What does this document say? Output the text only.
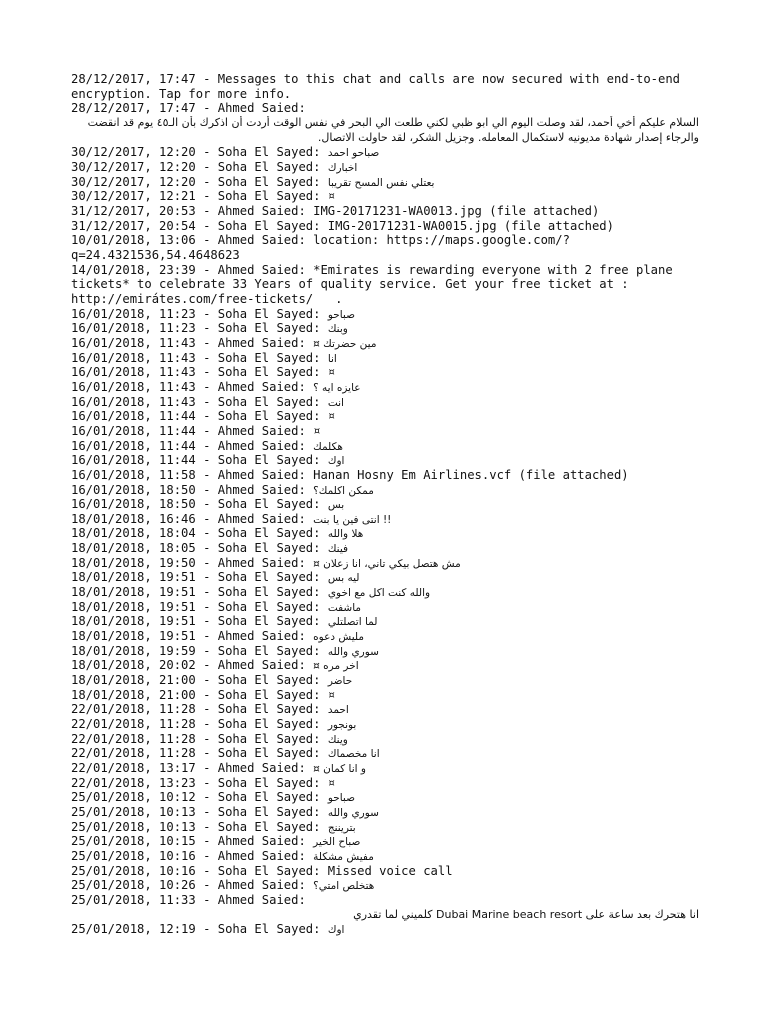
28/12/2017, 17:47 - Messages to this chat and calls are now secured with end-to-end encryption. Tap for more info.
28/12/2017, 17:47 - Ahmed Saied:
السلام عليكم أخي أحمد، لقد وصلت اليوم الي ابو ظبي لكني طلعت الي البحر في نفس الوقت أردت أن اذكرك بأن الـ٤٥ يوم قد انقضت والرجاء إصدار شهادة مديونيه لاستكمال المعامله. وجزيل الشكر، لقد حاولت الاتصال.
30/12/2017, 12:20 - Soha El Sayed: صباحو احمد
30/12/2017, 12:20 - Soha El Sayed: اخبارك
30/12/2017, 12:20 - Soha El Sayed: بعتلي نفس المسح تقريبا
30/12/2017, 12:21 - Soha El Sayed: ¤
31/12/2017, 20:53 - Ahmed Saied: IMG-20171231-WA0013.jpg (file attached)
31/12/2017, 20:54 - Soha El Sayed: IMG-20171231-WA0015.jpg (file attached)
10/01/2018, 13:06 - Ahmed Saied: location: https://maps.google.com/?q=24.4321536,54.4648623
14/01/2018, 23:39 - Ahmed Saied: *Emirates is rewarding everyone with 2 free plane tickets* to celebrate 33 Years of quality service. Get your free ticket at : http://emirátes.com/free-tickets/   .
16/01/2018, 11:23 - Soha El Sayed: صباحو
16/01/2018, 11:23 - Soha El Sayed: وبنك
16/01/2018, 11:43 - Ahmed Saied: ¤ مين حضرتك
16/01/2018, 11:43 - Soha El Sayed: انا
16/01/2018, 11:43 - Soha El Sayed: ¤
16/01/2018, 11:43 - Ahmed Saied: عايزه ايه ؟
16/01/2018, 11:43 - Soha El Sayed: انت
16/01/2018, 11:44 - Soha El Sayed: ¤
16/01/2018, 11:44 - Ahmed Saied: ¤
16/01/2018, 11:44 - Ahmed Saied: هكلمك
16/01/2018, 11:44 - Soha El Sayed: اوك
16/01/2018, 11:58 - Ahmed Saied: Hanan Hosny Em Airlines.vcf (file attached)
16/01/2018, 18:50 - Ahmed Saied: ممكن اكلمك؟
16/01/2018, 18:50 - Soha El Sayed: بس
18/01/2018, 16:46 - Ahmed Saied: انتى فين يا بنت !!
18/01/2018, 18:04 - Soha El Sayed: هلا والله
18/01/2018, 18:05 - Soha El Sayed: فينك
18/01/2018, 19:50 - Ahmed Saied: ¤ مش هتصل بيكي تاني، انا زعلان
18/01/2018, 19:51 - Soha El Sayed: ليه بس
18/01/2018, 19:51 - Soha El Sayed: والله كنت اكل مع اخوي
18/01/2018, 19:51 - Soha El Sayed: ماشفت
18/01/2018, 19:51 - Soha El Sayed: لما اتصلتلي
18/01/2018, 19:51 - Ahmed Saied: مليش دعوه
18/01/2018, 19:59 - Soha El Sayed: سوري والله
18/01/2018, 20:02 - Ahmed Saied: ¤ اخر مره
18/01/2018, 21:00 - Soha El Sayed: حاضر
18/01/2018, 21:00 - Soha El Sayed: ¤
22/01/2018, 11:28 - Soha El Sayed: احمد
22/01/2018, 11:28 - Soha El Sayed: بونجور
22/01/2018, 11:28 - Soha El Sayed: وينك
22/01/2018, 11:28 - Soha El Sayed: انا مخصماك
22/01/2018, 13:17 - Ahmed Saied: ¤ و انا كمان
22/01/2018, 13:23 - Soha El Sayed: ¤
25/01/2018, 10:12 - Soha El Sayed: صباحو
25/01/2018, 10:13 - Soha El Sayed: سوري والله
25/01/2018, 10:13 - Soha El Sayed: بتريننج
25/01/2018, 10:15 - Ahmed Saied: صباح الخير
25/01/2018, 10:16 - Ahmed Saied: مفيش مشكلة
25/01/2018, 10:16 - Soha El Sayed: Missed voice call
25/01/2018, 10:26 - Ahmed Saied: هتخلص امتي؟
25/01/2018, 11:33 - Ahmed Saied:
انا هتحرك بعد ساعة على Dubai Marine beach resort كلميني لما تقدري
25/01/2018, 12:19 - Soha El Sayed: اوك
